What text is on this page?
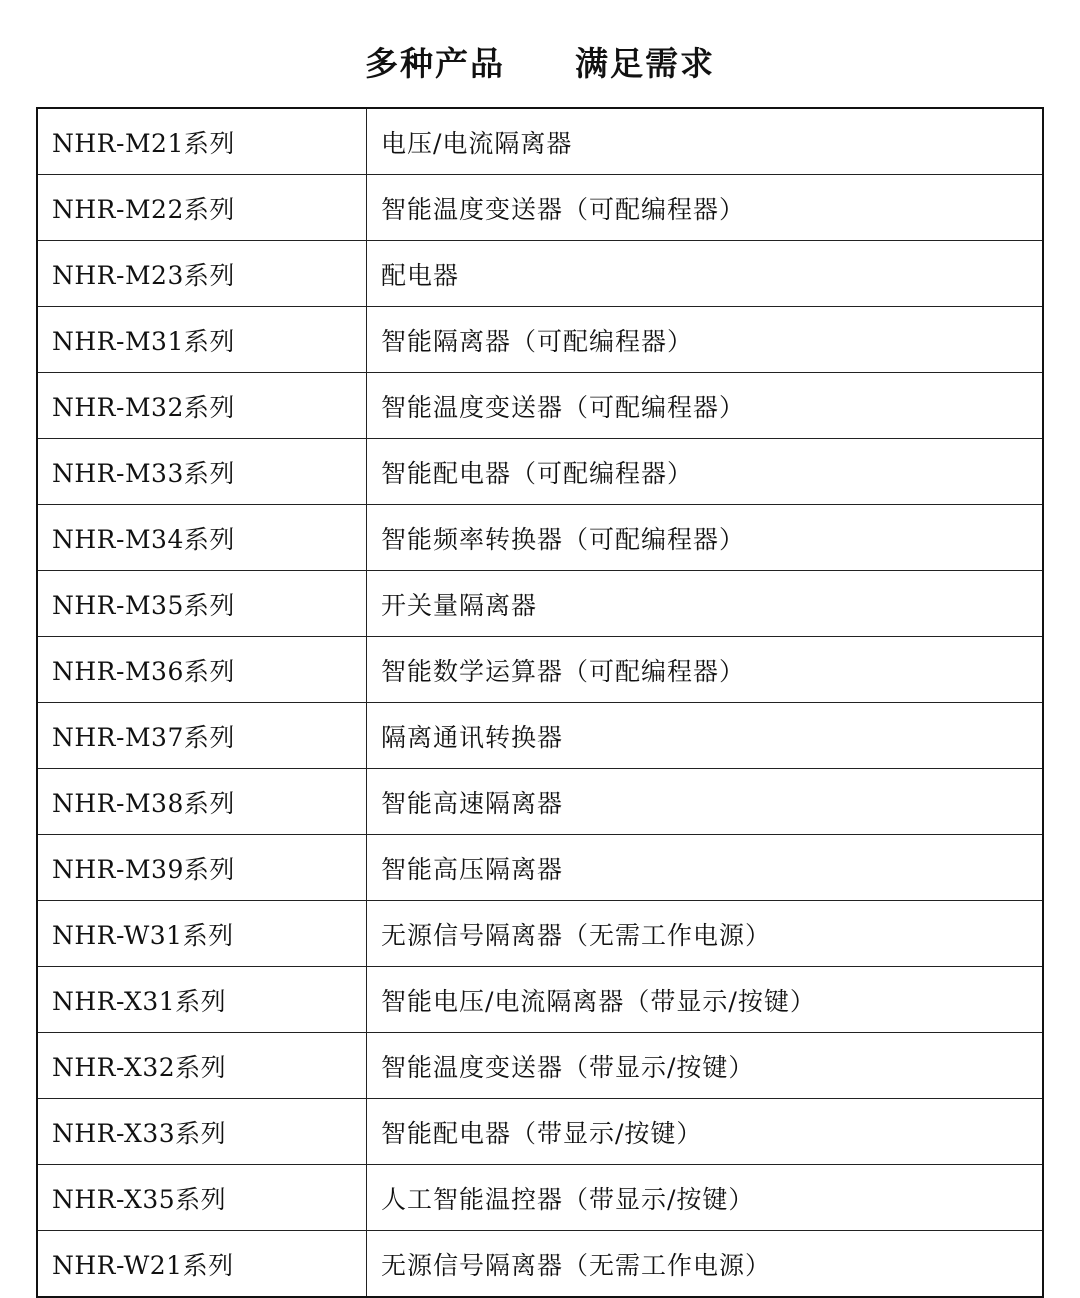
多种产品　　满足需求
NHR-M21系列	电压/电流隔离器
NHR-M22系列	智能温度变送器（可配编程器）
NHR-M23系列	配电器
NHR-M31系列	智能隔离器（可配编程器）
NHR-M32系列	智能温度变送器（可配编程器）
NHR-M33系列	智能配电器（可配编程器）
NHR-M34系列	智能频率转换器（可配编程器）
NHR-M35系列	开关量隔离器
NHR-M36系列	智能数学运算器（可配编程器）
NHR-M37系列	隔离通讯转换器
NHR-M38系列	智能高速隔离器
NHR-M39系列	智能高压隔离器
NHR-W31系列	无源信号隔离器（无需工作电源）
NHR-X31系列	智能电压/电流隔离器（带显示/按键）
NHR-X32系列	智能温度变送器（带显示/按键）
NHR-X33系列	智能配电器（带显示/按键）
NHR-X35系列	人工智能温控器（带显示/按键）
NHR-W21系列	无源信号隔离器（无需工作电源）
